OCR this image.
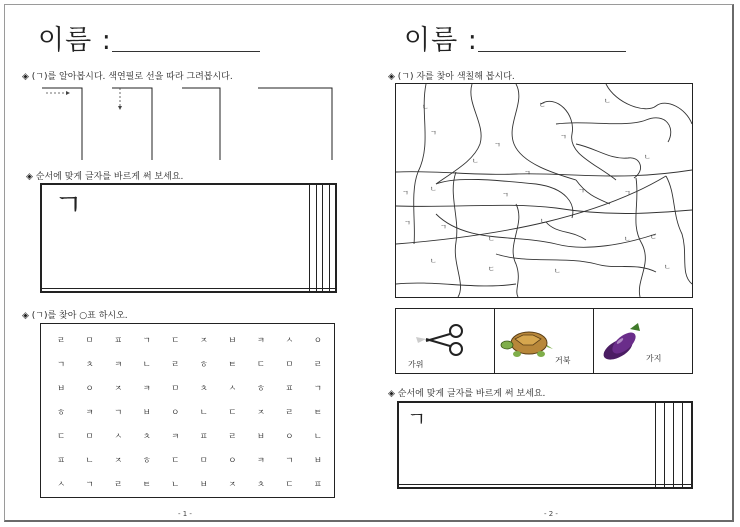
이름 :
◈ (ㄱ)를 알아봅시다. 색연필로 선을 따라 그려봅시다.
◈ 순서에 맞게 글자를 바르게 써 보세요.
ㄱ				

◈ (ㄱ)를 찾아 ○표 하시오.
ㄹ ㅁ ㅍ ㄱ ㄷ ㅈ ㅂ ㅋ ㅅ ㅇ
ㄱ ㅊ ㅋ ㄴ ㄹ ㅎ ㅌ ㄷ ㅁ ㄹ
ㅂ ㅇ ㅈ ㅋ ㅁ ㅊ ㅅ ㅎ ㅍ ㄱ
ㅎ ㅋ ㄱ ㅂ ㅇ ㄴ ㄷ ㅈ ㄹ ㅌ
ㄷ ㅁ ㅅ ㅊ ㅋ ㅍ ㄹ ㅂ ㅇ ㄴ
ㅍ ㄴ ㅈ ㅎ ㄷ ㅁ ㅇ ㅋ ㄱ ㅂ
ㅅ ㄱ ㄹ ㅌ ㄴ ㅂ ㅈ ㅊ ㄷ ㅍ
- 1 -
이름 :
◈ (ㄱ) 자를 찾아 색칠해 봅시다.
ㄴ	ㄷ	ㄴ
ㄱ
ㄱ
ㄱ
ㄴ
ㄱ
ㄴ
ㄱ	ㄴ
ㄱ	ㄱ	ㄱ
ㄱ	ㄱ
ㄴ
ㄴ
ㄷ
ㄴ
ㄴ
ㄷ	ㄴ	ㄴ
가위	거북	가지
◈ 순서에 맞게 글자를 바르게 써 보세요.
ㄱ				

- 2 -
